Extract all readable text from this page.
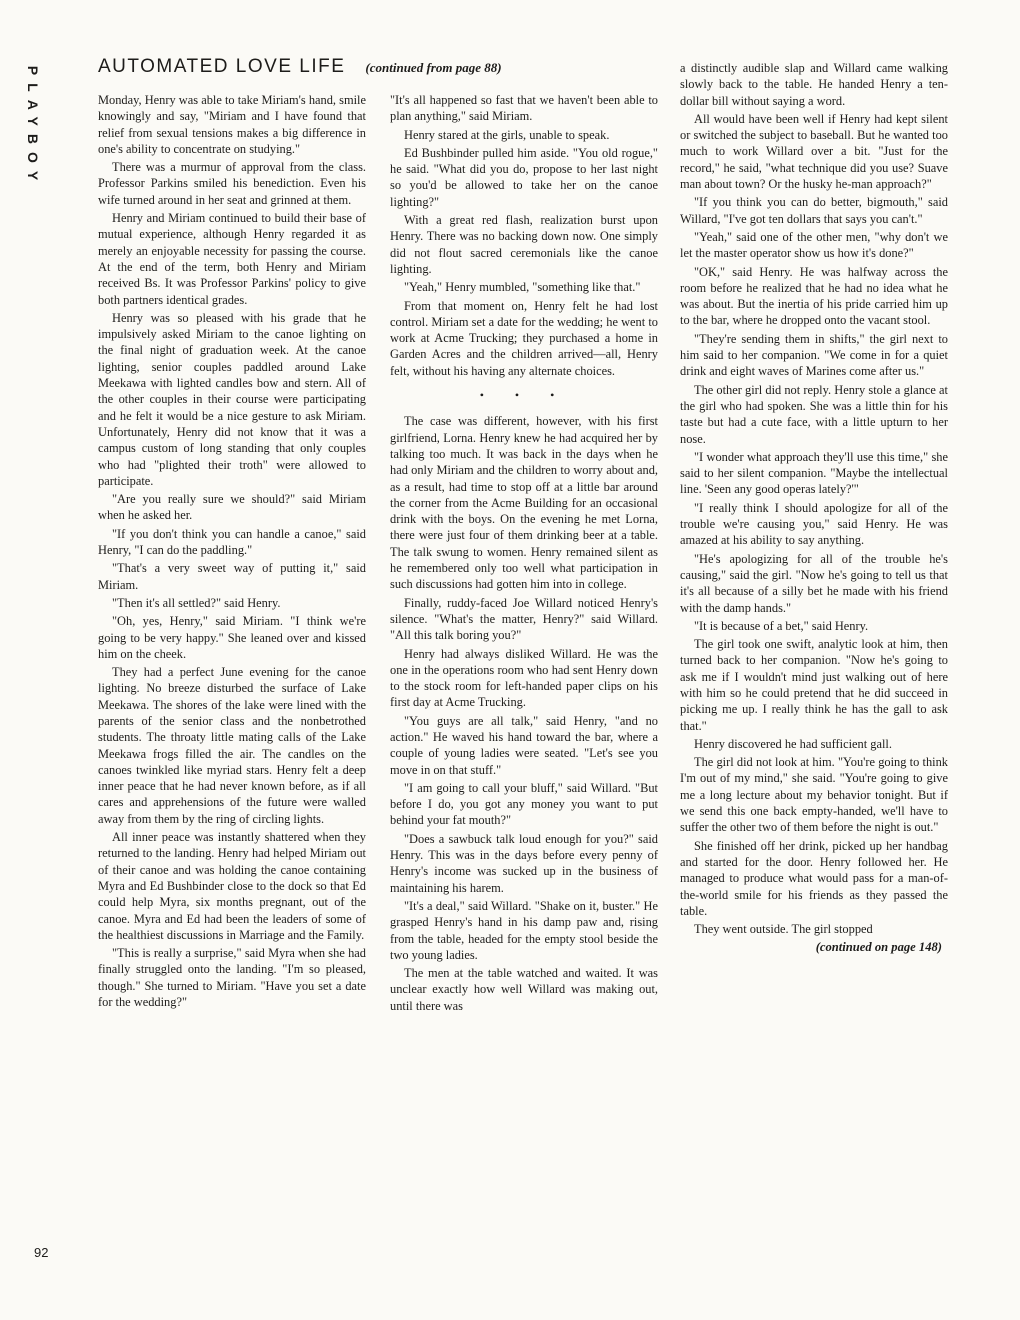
PLAYBOY	AUTOMATED LOVE LIFE (continued from page 88)

Monday, Henry was able to take Miriam's hand, smile knowingly and say, "Miriam and I have found that relief from sexual tensions makes a big difference in one's ability to concentrate on studying."

There was a murmur of approval from the class. Professor Parkins smiled his benediction. Even his wife turned around in her seat and grinned at them.

Henry and Miriam continued to build their base of mutual experience, although Henry regarded it as merely an enjoyable necessity for passing the course. At the end of the term, both Henry and Miriam received Bs. It was Professor Parkins' policy to give both partners identical grades.

Henry was so pleased with his grade that he impulsively asked Miriam to the canoe lighting on the final night of graduation week. At the canoe lighting, senior couples paddled around Lake Meekawa with lighted candles bow and stern. All of the other couples in their course were participating and he felt it would be a nice gesture to ask Miriam. Unfortunately, Henry did not know that it was a campus custom of long standing that only couples who had "plighted their troth" were allowed to participate.

"Are you really sure we should?" said Miriam when he asked her.

"If you don't think you can handle a canoe," said Henry, "I can do the paddling."

"That's a very sweet way of putting it," said Miriam.

"Then it's all settled?" said Henry.

"Oh, yes, Henry," said Miriam. "I think we're going to be very happy." She leaned over and kissed him on the cheek.

They had a perfect June evening for the canoe lighting. No breeze disturbed the surface of Lake Meekawa. The shores of the lake were lined with the parents of the senior class and the nonbetrothed students. The throaty little mating calls of the Lake Meekawa frogs filled the air. The candles on the canoes twinkled like myriad stars. Henry felt a deep inner peace that he had never known before, as if all cares and apprehensions of the future were walled away from them by the ring of circling lights.

All inner peace was instantly shattered when they returned to the landing. Henry had helped Miriam out of their canoe and was holding the canoe containing Myra and Ed Bushbinder close to the dock so that Ed could help Myra, six months pregnant, out of the canoe. Myra and Ed had been the leaders of some of the healthiest discussions in Marriage and the Family.

"This is really a surprise," said Myra when she had finally struggled onto the landing. "I'm so pleased, though." She turned to Miriam. "Have you set a date for the wedding?"

"It's all happened so fast that we haven't been able to plan anything," said Miriam.

Henry stared at the girls, unable to speak.

Ed Bushbinder pulled him aside. "You old rogue," he said. "What did you do, propose to her last night so you'd be allowed to take her on the canoe lighting?"

With a great red flash, realization burst upon Henry. There was no backing down now. One simply did not flout sacred ceremonials like the canoe lighting.

"Yeah," Henry mumbled, "something like that."

From that moment on, Henry felt he had lost control. Miriam set a date for the wedding; he went to work at Acme Trucking; they purchased a home in Garden Acres and the children arrived—all, Henry felt, without his having any alternate choices.

• • •

The case was different, however, with his first girlfriend, Lorna. Henry knew he had acquired her by talking too much. It was back in the days when he had only Miriam and the children to worry about and, as a result, had time to stop off at a little bar around the corner from the Acme Building for an occasional drink with the boys. On the evening he met Lorna, there were just four of them drinking beer at a table. The talk swung to women. Henry remained silent as he remembered only too well what participation in such discussions had gotten him into in college.

Finally, ruddy-faced Joe Willard noticed Henry's silence. "What's the matter, Henry?" said Willard. "All this talk boring you?"

Henry had always disliked Willard. He was the one in the operations room who had sent Henry down to the stock room for left-handed paper clips on his first day at Acme Trucking.

"You guys are all talk," said Henry, "and no action." He waved his hand toward the bar, where a couple of young ladies were seated. "Let's see you move in on that stuff."

"I am going to call your bluff," said Willard. "But before I do, you got any money you want to put behind your fat mouth?"

"Does a sawbuck talk loud enough for you?" said Henry. This was in the days before every penny of Henry's income was sucked up in the business of maintaining his harem.

"It's a deal," said Willard. "Shake on it, buster." He grasped Henry's hand in his damp paw and, rising from the table, headed for the empty stool beside the two young ladies.

The men at the table watched and waited. It was unclear exactly how well Willard was making out, until there was

a distinctly audible slap and Willard came walking slowly back to the table. He handed Henry a ten-dollar bill without saying a word.

All would have been well if Henry had kept silent or switched the subject to baseball. But he wanted too much to work Willard over a bit. "Just for the record," he said, "what technique did you use? Suave man about town? Or the husky he-man approach?"

"If you think you can do better, bigmouth," said Willard, "I've got ten dollars that says you can't."

"Yeah," said one of the other men, "why don't we let the master operator show us how it's done?"

"OK," said Henry. He was halfway across the room before he realized that he had no idea what he was about. But the inertia of his pride carried him up to the bar, where he dropped onto the vacant stool.

"They're sending them in shifts," the girl next to him said to her companion. "We come in for a quiet drink and eight waves of Marines come after us."

The other girl did not reply. Henry stole a glance at the girl who had spoken. She was a little thin for his taste but had a cute face, with a little upturn to her nose.

"I wonder what approach they'll use this time," she said to her silent companion. "Maybe the intellectual line. 'Seen any good operas lately?'"

"I really think I should apologize for all of the trouble we're causing you," said Henry. He was amazed at his ability to say anything.

"He's apologizing for all of the trouble he's causing," said the girl. "Now he's going to tell us that it's all because of a silly bet he made with his friend with the damp hands."

"It is because of a bet," said Henry.

The girl took one swift, analytic look at him, then turned back to her companion. "Now he's going to ask me if I wouldn't mind just walking out of here with him so he could pretend that he did succeed in picking me up. I really think he has the gall to ask that."

Henry discovered he had sufficient gall.

The girl did not look at him. "You're going to think I'm out of my mind," she said. "You're going to give me a long lecture about my behavior tonight. But if we send this one back empty-handed, we'll have to suffer the other two of them before the night is out."

She finished off her drink, picked up her handbag and started for the door. Henry followed her. He managed to produce what would pass for a man-of-the-world smile for his friends as they passed the table.

They went outside. The girl stopped

(continued on page 148)
92
